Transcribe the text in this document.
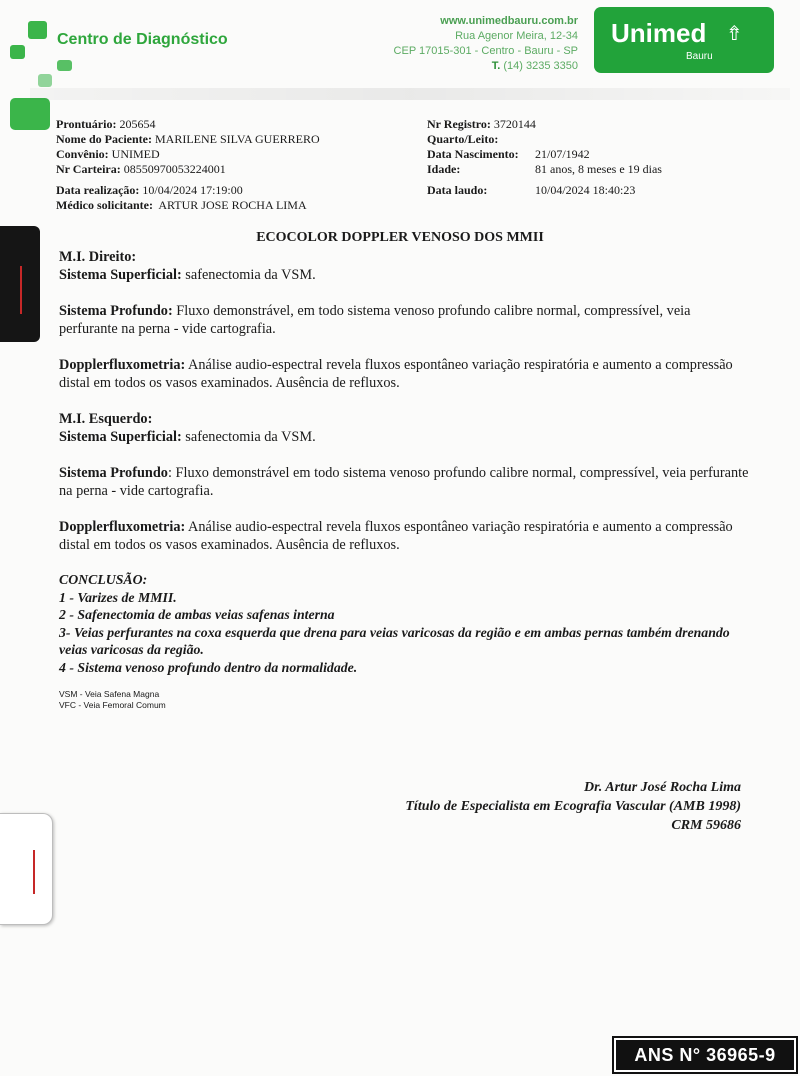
Centro de Diagnóstico
www.unimedbauru.com.br
Rua Agenor Meira, 12-34
CEP 17015-301 - Centro - Bauru - SP
T. (14) 3235 3350
Unimed ⇮
Bauru
Prontuário: 205654
Nome do Paciente: MARILENE SILVA GUERRERO
Convênio: UNIMED
Nr Carteira: 08550970053224001
Data realização: 10/04/2024 17:19:00
Médico solicitante: ARTUR JOSE ROCHA LIMA
Nr Registro: 3720144
Quarto/Leito:
Data Nascimento: 21/07/1942
Idade:	81 anos, 8 meses e 19 dias
Data laudo:	10/04/2024 18:40:23
ECOCOLOR DOPPLER VENOSO DOS MMII
M.I. Direito:
Sistema Superficial: safenectomia da VSM.
Sistema Profundo: Fluxo demonstrável, em todo sistema venoso profundo calibre normal, compressível, veia perfurante na perna - vide cartografia.
Dopplerfluxometria: Análise audio-espectral revela fluxos espontâneo variação respiratória e aumento a compressão distal em todos os vasos examinados. Ausência de refluxos.
M.I. Esquerdo:
Sistema Superficial: safenectomia da VSM.
Sistema Profundo: Fluxo demonstrável em todo sistema venoso profundo calibre normal, compressível, veia perfurante na perna - vide cartografia.
Dopplerfluxometria: Análise audio-espectral revela fluxos espontâneo variação respiratória e aumento a compressão distal em todos os vasos examinados. Ausência de refluxos.
CONCLUSÃO:
1 - Varizes de MMII.
2 - Safenectomia de ambas veias safenas interna
3- Veias perfurantes na coxa esquerda que drena para veias varicosas da região e em ambas pernas também drenando veias varicosas da região.
4 - Sistema venoso profundo dentro da normalidade.
VSM - Veia Safena Magna
VFC - Veia Femoral Comum
Dr. Artur José Rocha Lima
Título de Especialista em Ecografia Vascular (AMB 1998)
CRM 59686
ANS N° 36965-9
